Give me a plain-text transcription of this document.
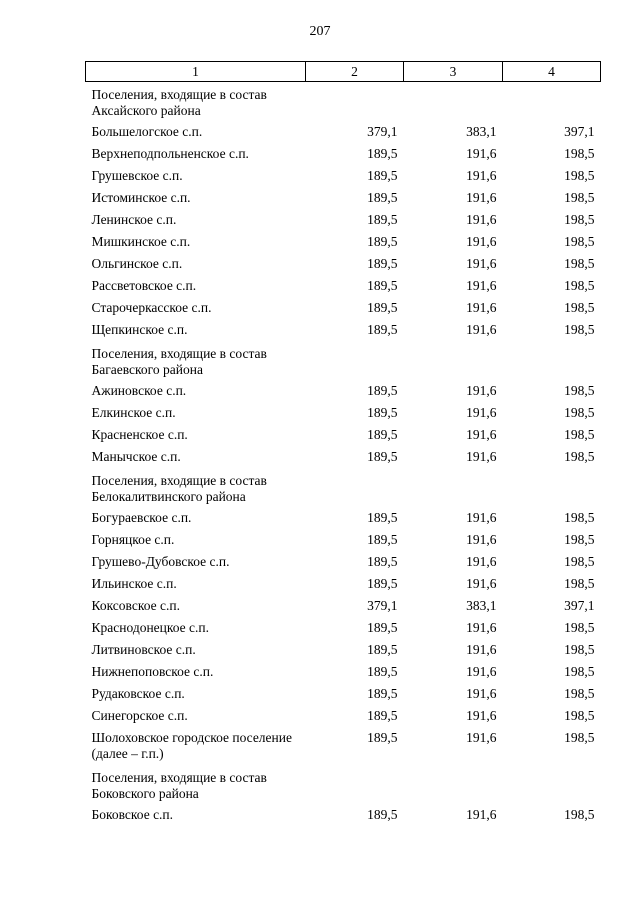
207
1	2	3	4
Поселения, входящие в состав Аксайского района			
Большелогское с.п.	379,1	383,1	397,1
Верхнеподпольненское с.п.	189,5	191,6	198,5
Грушевское с.п.	189,5	191,6	198,5
Истоминское с.п.	189,5	191,6	198,5
Ленинское с.п.	189,5	191,6	198,5
Мишкинское с.п.	189,5	191,6	198,5
Ольгинское с.п.	189,5	191,6	198,5
Рассветовское с.п.	189,5	191,6	198,5
Старочеркасское с.п.	189,5	191,6	198,5
Щепкинское с.п.	189,5	191,6	198,5
Поселения, входящие в состав Багаевского района			
Ажиновское с.п.	189,5	191,6	198,5
Елкинское с.п.	189,5	191,6	198,5
Красненское с.п.	189,5	191,6	198,5
Манычское с.п.	189,5	191,6	198,5
Поселения, входящие в состав Белокалитвинского района			
Богураевское с.п.	189,5	191,6	198,5
Горняцкое с.п.	189,5	191,6	198,5
Грушево-Дубовское с.п.	189,5	191,6	198,5
Ильинское с.п.	189,5	191,6	198,5
Коксовское с.п.	379,1	383,1	397,1
Краснодонецкое с.п.	189,5	191,6	198,5
Литвиновское с.п.	189,5	191,6	198,5
Нижнепоповское с.п.	189,5	191,6	198,5
Рудаковское с.п.	189,5	191,6	198,5
Синегорское с.п.	189,5	191,6	198,5
Шолоховское городское поселение (далее – г.п.)	189,5	191,6	198,5
Поселения, входящие в состав Боковского района			
Боковское с.п.	189,5	191,6	198,5
